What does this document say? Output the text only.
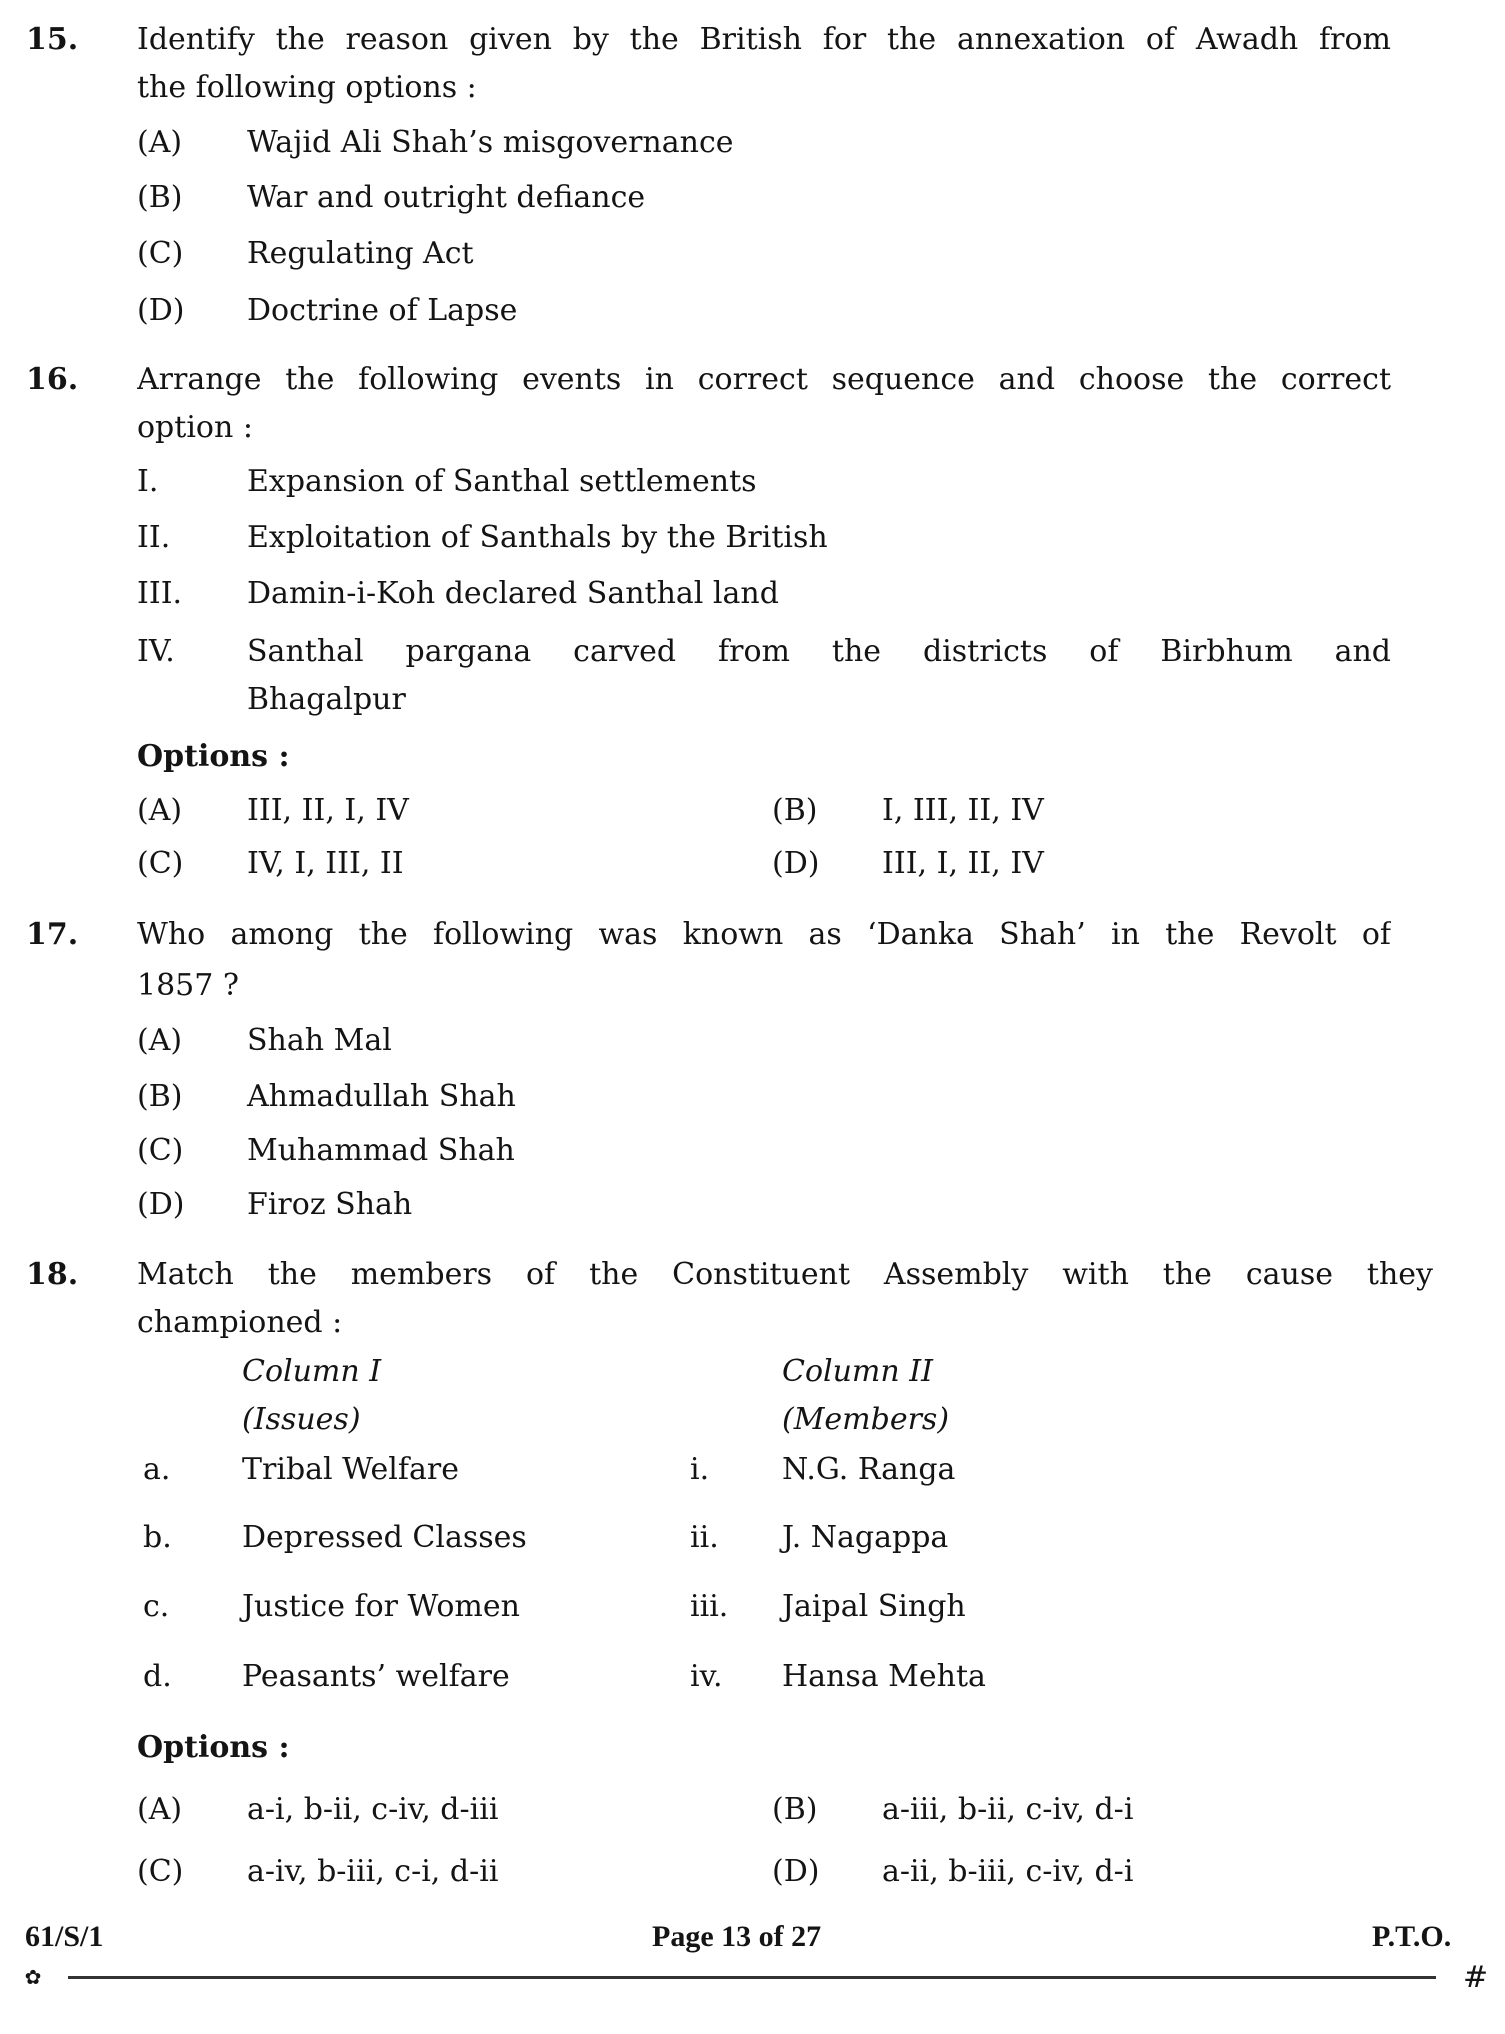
15. Identify the reason given by the British for the annexation of Awadh from
the following options :
(A) Wajid Ali Shah’s misgovernance
(B) War and outright defiance
(C) Regulating Act
(D) Doctrine of Lapse
16. Arrange the following events in correct sequence and choose the correct
option :
I.	Expansion of Santhal settlements
II.	Exploitation of Santhals by the British
III. Damin-i-Koh declared Santhal land
IV. Santhal pargana carved from the districts of Birbhum and
Bhagalpur
Options :
(A) III, II, I, IV	(B) I, III, II, IV
(C) IV, I, III, II	(D) III, I, II, IV
17. Who among the following was known as ‘Danka Shah’ in the Revolt of
1857 ?
(A) Shah Mal
(B) Ahmadullah Shah
(C) Muhammad Shah
(D) Firoz Shah
18. Match the members of the Constituent Assembly with the cause they
championed :
Column I	Column II
(Issues)	(Members)
a. Tribal Welfare	i. N.G. Ranga
b. Depressed Classes	ii. J. Nagappa
c. Justice for Women	iii. Jaipal Singh
d. Peasants’ welfare	iv. Hansa Mehta
Options :
(A) a-i, b-ii, c-iv, d-iii	(B) a-iii, b-ii, c-iv, d-i
(C) a-iv, b-iii, c-i, d-ii	(D) a-ii, b-iii, c-iv, d-i
61/S/1	Page 13 of 27	P.T.O.
✿	#
